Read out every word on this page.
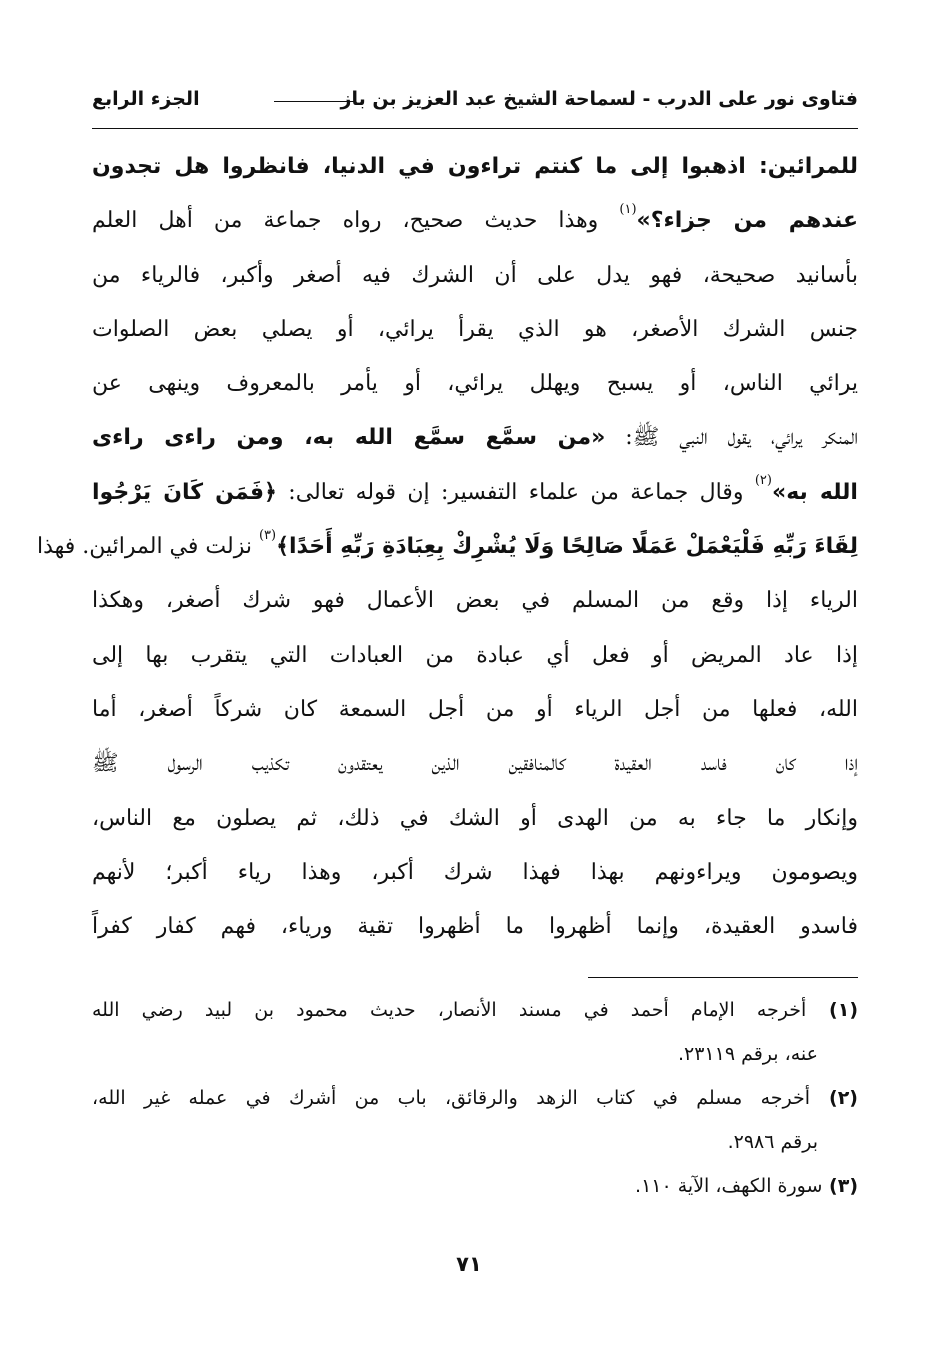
فتاوى نور على الدرب - لسماحة الشيخ عبد العزيز بن باز
الجزء الرابع
للمرائين: اذهبوا إلى ما كنتم تراءون في الدنيا، فانظروا هل تجدون
عندهم من جزاء؟»$^{(١)}$ وهذا حديث صحيح، رواه جماعة من أهل العلم
بأسانيد صحيحة، فهو يدل على أن الشرك فيه أصغر وأكبر، فالرياء من
جنس الشرك الأصغر، هو الذي يقرأ يرائي، أو يصلي بعض الصلوات
يرائي الناس، أو يسبح ويهلل يرائي، أو يأمر بالمعروف وينهى عن
المنكر يرائي، يقول النبي ﷺ: «من سمَّع سمَّع الله به، ومن راءى راءى
الله به»$^{(٢)}$ وقال جماعة من علماء التفسير: إن قوله تعالى: ﴿فَمَن كَانَ يَرْجُوا
لِقَاءَ رَبِّهِ فَلْيَعْمَلْ عَمَلًا صَالِحًا وَلَا يُشْرِكْ بِعِبَادَةِ رَبِّهِ أَحَدًا﴾$^{(٣)}$ نزلت في المرائين. فهذا
الرياء إذا وقع من المسلم في بعض الأعمال فهو شرك أصغر، وهكذا
إذا عاد المريض أو فعل أي عبادة من العبادات التي يتقرب بها إلى
الله، فعلها من أجل الرياء أو من أجل السمعة كان شركاً أصغر، أما
إذا كان فاسد العقيدة كالمنافقين الذين يعتقدون تكذيب الرسول ﷺ
وإنكار ما جاء به من الهدى أو الشك في ذلك، ثم يصلون مع الناس،
ويصومون ويراءونهم بهذا فهذا شرك أكبر، وهذا رياء أكبر؛ لأنهم
فاسدو العقيدة، وإنما أظهروا ما أظهروا تقية ورياء، فهم كفار كفراً
(١) أخرجه الإمام أحمد في مسند الأنصار، حديث محمود بن لبيد رضي الله
عنه، برقم ٢٣١١٩.
(٢) أخرجه مسلم في كتاب الزهد والرقائق، باب من أشرك في عمله غير الله،
برقم ٢٩٨٦.
(٣) سورة الكهف، الآية ١١٠.
٧١
